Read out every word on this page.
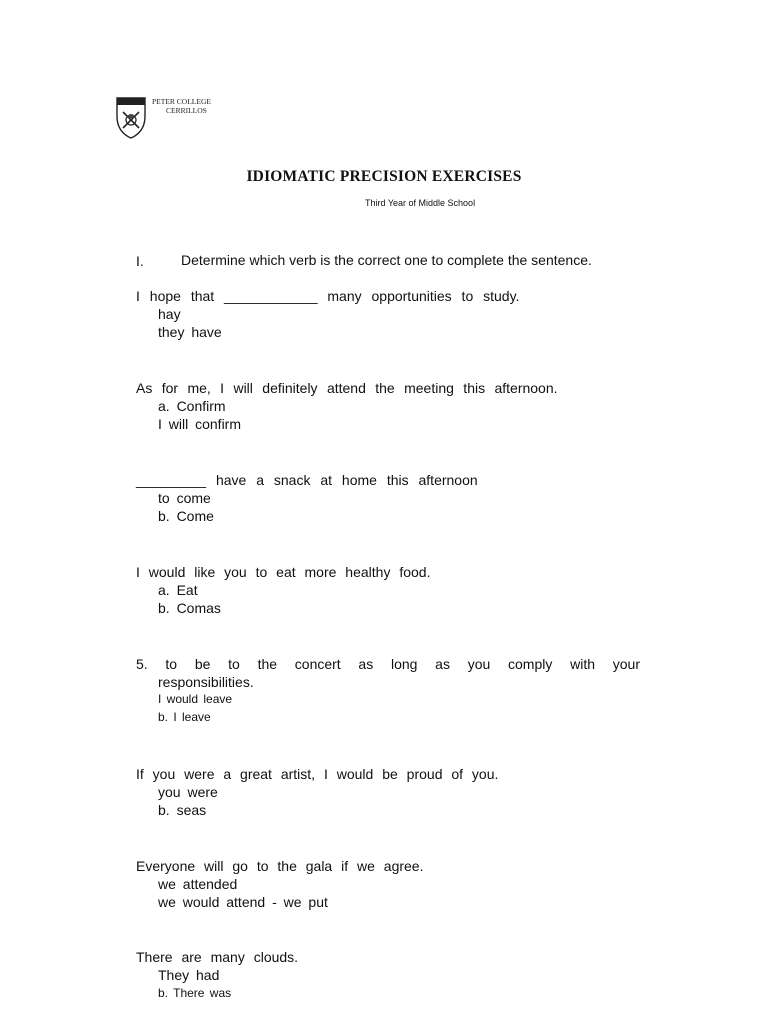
PETER COLLEGE
CERRILLOS
IDIOMATIC PRECISION EXERCISES
Third Year of Middle School
I.	Determine which verb is the correct one to complete the sentence.
I hope that ____________ many opportunities to study.
hay
they have
As for me, I will definitely attend the meeting this afternoon.
a. Confirm
I will confirm
_________ have a snack at home this afternoon
to come
b. Come
I would like you to eat more healthy food.
a. Eat
b. Comas
5. to be to the concert as long as you comply with your
responsibilities.
I would leave
b. I leave
If you were a great artist, I would be proud of you.
you were
b. seas
Everyone will go to the gala if we agree.
we attended
we would attend - we put
There are many clouds.
They had
b. There was
